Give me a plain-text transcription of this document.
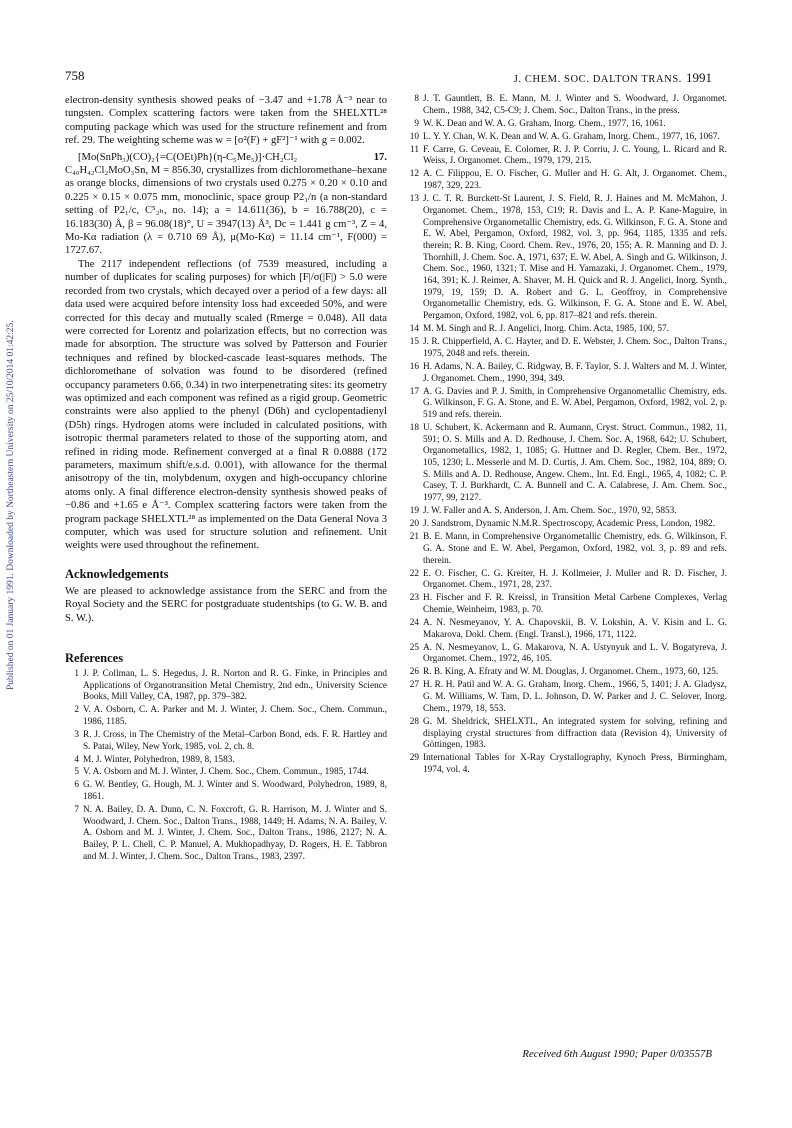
758	J. CHEM. SOC. DALTON TRANS. 1991
Published on 01 January 1991. Downloaded by Northeastern University on 25/10/2014 01:42:25.

electron-density synthesis showed peaks of −3.47 and +1.78 Å⁻³ near to tungsten. Complex scattering factors were taken from the SHELXTL²⁸ computing package which was used for the structure refinement and from ref. 29. The weighting scheme was w = [σ²(F) + gF²]⁻¹ with g = 0.002.

17.
[Mo(SnPh₃)(CO)₂{=C(OEt)Ph}(η-C₅Me₅)]·CH₂Cl₂

C₄₀H₄₂Cl₂MoO₃Sn, M = 856.30, crystallizes from dichloromethane–hexane as orange blocks, dimensions of two crystals used 0.275 × 0.20 × 0.10 and 0.225 × 0.15 × 0.075 mm, monoclinic, space group P2₁/n (a non-standard setting of P2₁/c, C⁵₂ₕ, no. 14); a = 14.611(36), b = 16.788(20), c = 16.183(30) Å, β = 96.08(18)°, U = 3947(13) Å³, Dc = 1.441 g cm⁻³, Z = 4, Mo-Kα radiation (λ = 0.710 69 Å), μ(Mo-Kα) = 11.14 cm⁻¹, F(000) = 1727.67.

The 2117 independent reflections (of 7539 measured, including a number of duplicates for scaling purposes) for which [F|/σ(|F|) > 5.0 were recorded from two crystals, which decayed over a period of a few days: all data used were acquired before intensity loss had exceeded 50%, and were corrected for this decay and mutually scaled (Rmerge = 0.048). All data were corrected for Lorentz and polarization effects, but no correction was made for absorption. The structure was solved by Patterson and Fourier techniques and refined by blocked-cascade least-squares methods. The dichloromethane of solvation was found to be disordered (refined occupancy parameters 0.66, 0.34) in two interpenetrating sites: its geometry was optimized and each component was refined as a rigid group. Geometric constraints were also applied to the phenyl (D6h) and cyclopentadienyl (D5h) rings. Hydrogen atoms were included in calculated positions, with isotropic thermal parameters related to those of the supporting atom, and refined in riding mode. Refinement converged at a final R 0.0888 (172 parameters, maximum shift/e.s.d. 0.001), with allowance for the thermal anisotropy of the tin, molybdenum, oxygen and high-occupancy chlorine atoms only. A final difference electron-density synthesis showed peaks of −0.86 and +1.65 e Å⁻³. Complex scattering factors were taken from the program package SHELXTL²⁸ as implemented on the Data General Nova 3 computer, which was used for structure solution and refinement. Unit weights were used throughout the refinement.

Acknowledgements

We are pleased to acknowledge assistance from the SERC and from the Royal Society and the SERC for postgraduate studentships (to G. W. B. and S. W.).

References
1 J. P. Collman, L. S. Hegedus, J. R. Norton and R. G. Finke, in Principles and Applications of Organotransition Metal Chemistry, 2nd edn., University Science Books, Mill Valley, CA, 1987, pp. 379–382.
2 V. A. Osborn, C. A. Parker and M. J. Winter, J. Chem. Soc., Chem. Commun., 1986, 1185.
3 R. J. Cross, in The Chemistry of the Metal–Carbon Bond, eds. F. R. Hartley and S. Patai, Wiley, New York, 1985, vol. 2, ch. 8.
4 M. J. Winter, Polyhedron, 1989, 8, 1583.
5 V. A. Osborn and M. J. Winter, J. Chem. Soc., Chem. Commun., 1985, 1744.
6 G. W. Bentley, G. Hough, M. J. Winter and S. Woodward, Polyhedron, 1989, 8, 1861.
7 N. A. Bailey, D. A. Dunn, C. N. Foxcroft, G. R. Harrison, M. J. Winter and S. Woodward, J. Chem. Soc., Dalton Trans., 1988, 1449; H. Adams, N. A. Bailey, V. A. Osborn and M. J. Winter, J. Chem. Soc., Dalton Trans., 1986, 2127; N. A. Bailey, P. L. Chell, C. P. Manuel, A. Mukhopadhyay, D. Rogers, H. E. Tabbron and M. J. Winter, J. Chem. Soc., Dalton Trans., 1983, 2397.
8 J. T. Gauntlett, B. E. Mann, M. J. Winter and S. Woodward, J. Organomet. Chem., 1988, 342, C5-C9; J. Chem. Soc., Dalton Trans., in the press.
9 W. K. Dean and W. A. G. Graham, Inorg. Chem., 1977, 16, 1061.
10 L. Y. Y. Chan, W. K. Dean and W. A. G. Graham, Inorg. Chem., 1977, 16, 1067.
11 F. Carre, G. Ceveau, E. Colomer, R. J. P. Corriu, J. C. Young, L. Ricard and R. Weiss, J. Organomet. Chem., 1979, 179, 215.
12 A. C. Filippou, E. O. Fischer, G. Muller and H. G. Alt, J. Organomet. Chem., 1987, 329, 223.
13 J. C. T. R. Burckett-St Laurent, J. S. Field, R. J. Haines and M. McMahon, J. Organomet. Chem., 1978, 153, C19; R. Davis and L. A. P. Kane-Maguire, in Comprehensive Organometallic Chemistry, eds. G. Wilkinson, F. G. A. Stone and E. W. Abel, Pergamon, Oxford, 1982, vol. 3, pp. 964, 1185, 1335 and refs. therein; R. B. King, Coord. Chem. Rev., 1976, 20, 155; A. R. Manning and D. J. Thornhill, J. Chem. Soc. A, 1971, 637; E. W. Abel, A. Singh and G. Wilkinson, J. Chem. Soc., 1960, 1321; T. Mise and H. Yamazaki, J. Organomet. Chem., 1979, 164, 391; K. J. Reimer, A. Shaver, M. H. Quick and R. J. Angelici, Inorg. Synth., 1979, 19, 159; D. A. Robert and G. L. Geoffroy, in Comprehensive Organometallic Chemistry, eds. G. Wilkinson, F. G. A. Stone and E. W. Abel, Pergamon, Oxford, 1982, vol. 6, pp. 817–821 and refs. therein.
14 M. M. Singh and R. J. Angelici, Inorg. Chim. Acta, 1985, 100, 57.
15 J. R. Chipperfield, A. C. Hayter, and D. E. Webster, J. Chem. Soc., Dalton Trans., 1975, 2048 and refs. therein.
16 H. Adams, N. A. Bailey, C. Ridgway, B. F. Taylor, S. J. Walters and M. J. Winter, J. Organomet. Chem., 1990, 394, 349.
17 A. G. Davies and P. J. Smith, in Comprehensive Organometallic Chemistry, eds. G. Wilkinson, F. G. A. Stone, and E. W. Abel, Pergamon, Oxford, 1982, vol. 2, p. 519 and refs. therein.
18 U. Schubert, K. Ackermann and R. Aumann, Cryst. Struct. Commun., 1982, 11, 591; O. S. Mills and A. D. Redhouse, J. Chem. Soc. A, 1968, 642; U. Schubert, Organometallics, 1982, 1, 1085; G. Huttner and D. Regler, Chem. Ber., 1972, 105, 1230; L. Messerle and M. D. Curtis, J. Am. Chem. Soc., 1982, 104, 889; O. S. Mills and A. D. Redhouse, Angew. Chem., Int. Ed. Engl., 1965, 4, 1082; C. P. Casey, T. J. Burkhardt, C. A. Bunnell and C. A. Calabrese, J. Am. Chem. Soc., 1977, 99, 2127.
19 J. W. Faller and A. S. Anderson, J. Am. Chem. Soc., 1970, 92, 5853.
20 J. Sandstrom, Dynamic N.M.R. Spectroscopy, Academic Press, London, 1982.
21 B. E. Mann, in Comprehensive Organometallic Chemistry, eds. G. Wilkinson, F. G. A. Stone and E. W. Abel, Pergamon, Oxford, 1982, vol. 3, p. 89 and refs. therein.
22 E. O. Fischer, C. G. Kreiter, H. J. Kollmeier, J. Muller and R. D. Fischer, J. Organomet. Chem., 1971, 28, 237.
23 H. Fischer and F. R. Kreissl, in Transition Metal Carbene Complexes, Verlag Chemie, Weinheim, 1983, p. 70.
24 A. N. Nesmeyanov, Y. A. Chapovskii, B. V. Lokshin, A. V. Kisin and L. G. Makarova, Dokl. Chem. (Engl. Transl.), 1966, 171, 1122.
25 A. N. Nesmeyanov, L. G. Makarova, N. A. Ustynyuk and L. V. Bogatyreva, J. Organomet. Chem., 1972, 46, 105.
26 R. B. King, A. Efraty and W. M. Douglas, J. Organomet. Chem., 1973, 60, 125.
27 H. R. H. Patil and W. A. G. Graham, Inorg. Chem., 1966, 5, 1401; J. A. Gladysz, G. M. Williams, W. Tam, D. L. Johnson, D. W. Parker and J. C. Selover, Inorg. Chem., 1979, 18, 553.
28 G. M. Sheldrick, SHELXTL, An integrated system for solving, refining and displaying crystal structures from diffraction data (Revision 4), University of Göttingen, 1983.
29 International Tables for X-Ray Crystallography, Kynoch Press, Birmingham, 1974, vol. 4.
Received 6th August 1990; Paper 0/03557B
